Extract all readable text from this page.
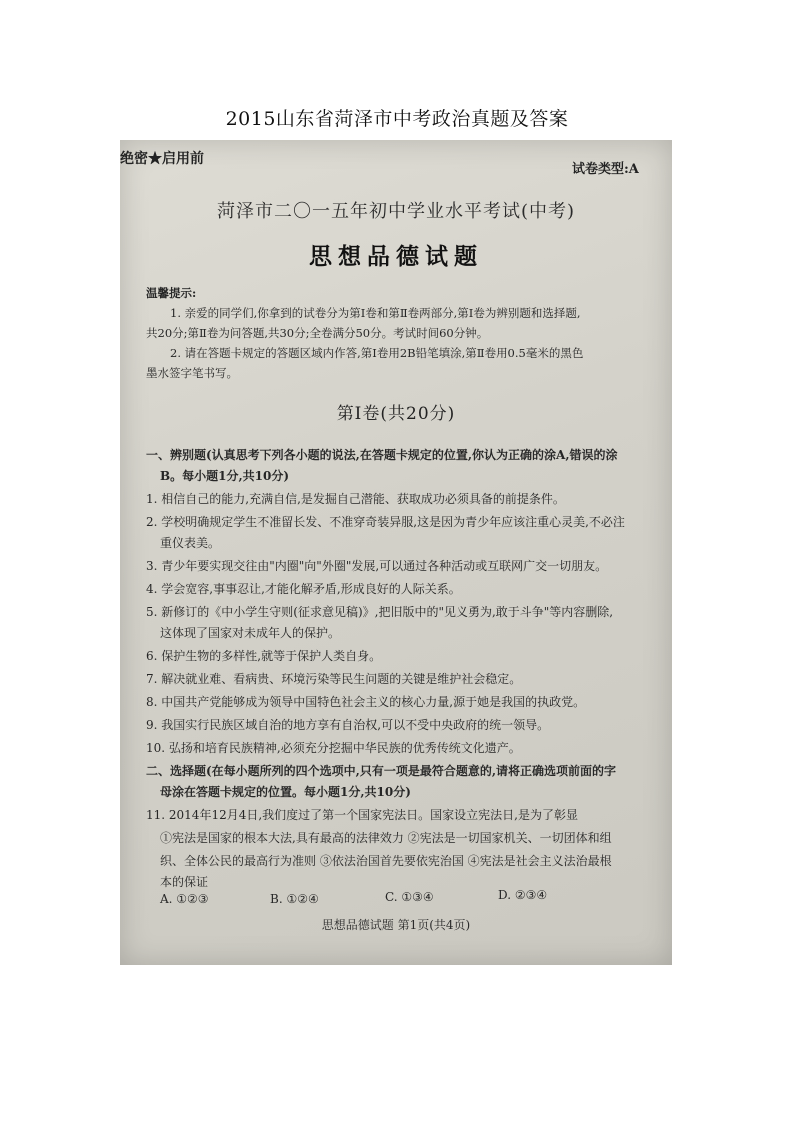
2015山东省菏泽市中考政治真题及答案
绝密★启用前
试卷类型:A
菏泽市二〇一五年初中学业水平考试(中考)
思想品德试题
温馨提示:
1. 亲爱的同学们,你拿到的试卷分为第Ⅰ卷和第Ⅱ卷两部分,第Ⅰ卷为辨别题和选择题,
共20分;第Ⅱ卷为问答题,共30分;全卷满分50分。考试时间60分钟。
2. 请在答题卡规定的答题区域内作答,第Ⅰ卷用2B铅笔填涂,第Ⅱ卷用0.5毫米的黑色
墨水签字笔书写。
第Ⅰ卷(共20分)
一、辨别题(认真思考下列各小题的说法,在答题卡规定的位置,你认为正确的涂A,错误的涂
B。每小题1分,共10分)
1. 相信自己的能力,充满自信,是发掘自己潜能、获取成功必须具备的前提条件。
2. 学校明确规定学生不准留长发、不准穿奇装异服,这是因为青少年应该注重心灵美,不必注
重仪表美。
3. 青少年要实现交往由"内圈"向"外圈"发展,可以通过各种活动或互联网广交一切朋友。
4. 学会宽容,事事忍让,才能化解矛盾,形成良好的人际关系。
5. 新修订的《中小学生守则(征求意见稿)》,把旧版中的"见义勇为,敢于斗争"等内容删除,
这体现了国家对未成年人的保护。
6. 保护生物的多样性,就等于保护人类自身。
7. 解决就业难、看病贵、环境污染等民生问题的关键是维护社会稳定。
8. 中国共产党能够成为领导中国特色社会主义的核心力量,源于她是我国的执政党。
9. 我国实行民族区域自治的地方享有自治权,可以不受中央政府的统一领导。
10. 弘扬和培育民族精神,必须充分挖掘中华民族的优秀传统文化遗产。
二、选择题(在每小题所列的四个选项中,只有一项是最符合题意的,请将正确选项前面的字
母涂在答题卡规定的位置。每小题1分,共10分)
11. 2014年12月4日,我们度过了第一个国家宪法日。国家设立宪法日,是为了彰显
①宪法是国家的根本大法,具有最高的法律效力 ②宪法是一切国家机关、一切团体和组
织、全体公民的最高行为准则 ③依法治国首先要依宪治国 ④宪法是社会主义法治最根
本的保证
A. ①②③	B. ①②④	C. ①③④	D. ②③④
思想品德试题 第1页(共4页)
